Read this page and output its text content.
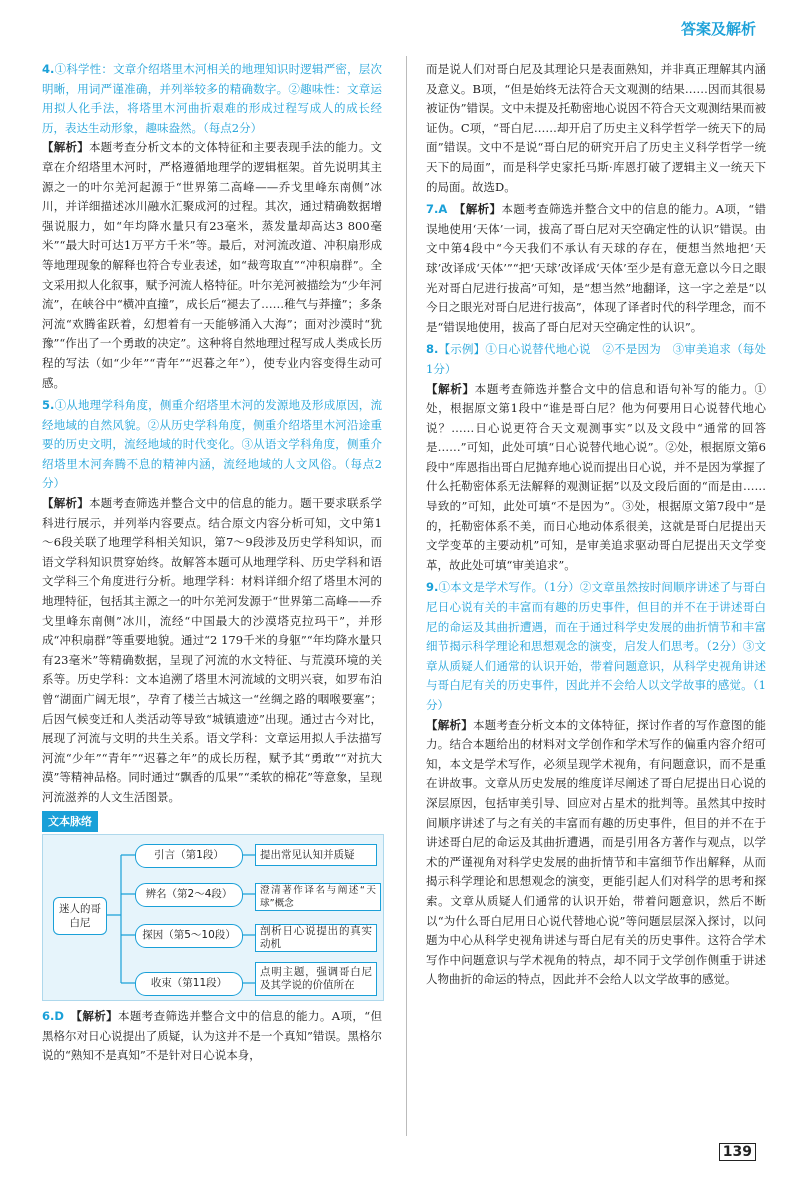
答案及解析
4.①科学性：文章介绍塔里木河相关的地理知识时逻辑严密，层次明晰，用词严谨准确，并列举较多的精确数字。②趣味性：文章运用拟人化手法，将塔里木河曲折艰难的形成过程写成人的成长经历，表达生动形象，趣味盎然。（每点2分）
【解析】本题考查分析文本的文体特征和主要表现手法的能力。文章在介绍塔里木河时，严格遵循地理学的逻辑框架。首先说明其主源之一的叶尔羌河起源于“世界第二高峰——乔戈里峰东南侧”冰川，并详细描述冰川融水汇聚成河的过程。其次，通过精确数据增强说服力，如“年均降水量只有23毫米，蒸发量却高达3 800毫米”“最大时可达1万平方千米”等。最后，对河流改道、冲积扇形成等地理现象的解释也符合专业表述，如“裁弯取直”“冲积扇群”。全文采用拟人化叙事，赋予河流人格特征。叶尔羌河被描绘为“少年河流”，在峡谷中“横冲直撞”，成长后“褪去了……稚气与莽撞”；多条河流“欢腾雀跃着，幻想着有一天能够涌入大海”；面对沙漠时“犹豫”“作出了一个勇敢的决定”。这种将自然地理过程写成人类成长历程的写法（如“少年”“青年”“迟暮之年”），使专业内容变得生动可感。
5.①从地理学科角度，侧重介绍塔里木河的发源地及形成原因，流经地域的自然风貌。②从历史学科角度，侧重介绍塔里木河沿途重要的历史文明，流经地域的时代变化。③从语文学科角度，侧重介绍塔里木河奔腾不息的精神内涵，流经地域的人文风俗。（每点2分）
【解析】本题考查筛选并整合文中的信息的能力。题干要求联系学科进行展示，并列举内容要点。结合原文内容分析可知，文中第1～6段关联了地理学科相关知识，第7～9段涉及历史学科知识，而语文学科知识贯穿始终。故解答本题可从地理学科、历史学科和语文学科三个角度进行分析。地理学科：材料详细介绍了塔里木河的地理特征，包括其主源之一的叶尔羌河发源于“世界第二高峰——乔戈里峰东南侧”冰川，流经“中国最大的沙漠塔克拉玛干”，并形成“冲积扇群”等重要地貌。通过“2 179千米的身躯”“年均降水量只有23毫米”等精确数据，呈现了河流的水文特征、与荒漠环境的关系等。历史学科：文本追溯了塔里木河流域的文明兴衰，如罗布泊曾“湖面广阔无垠”，孕育了楼兰古城这一“丝绸之路的咽喉要塞”；后因气候变迁和人类活动等导致“城镇遗迹”出现。通过古今对比，展现了河流与文明的共生关系。语文学科：文章运用拟人手法描写河流“少年”“青年”“迟暮之年”的成长历程，赋予其“勇敢”“对抗大漠”等精神品格。同时通过“飘香的瓜果”“柔软的棉花”等意象，呈现河流滋养的人文生活图景。
文本脉络
迷人的哥白尼
引言（第1段）	提出常见认知并质疑
辨名（第2～4段）	澄清著作译名与阐述“天球”概念
探因（第5～10段）	剖析日心说提出的真实动机
收束（第11段）
点明主题，强调哥白尼及其学说的价值所在
6.D　 【解析】本题考查筛选并整合文中的信息的能力。A项，“但黑格尔对日心说提出了质疑，认为这并不是一个真知”错误。黑格尔说的“熟知不是真知”不是针对日心说本身，
而是说人们对哥白尼及其理论只是表面熟知，并非真正理解其内涵及意义。B项，“但是始终无法符合天文观测的结果……因而其很易被证伪”错误。文中未提及托勒密地心说因不符合天文观测结果而被证伪。C项，“哥白尼……却开启了历史主义科学哲学一统天下的局面”错误。文中不是说“哥白尼的研究开启了历史主义科学哲学一统天下的局面”，而是科学史家托马斯·库恩打破了逻辑主义一统天下的局面。故选D。
7.A　 【解析】本题考查筛选并整合文中的信息的能力。A项，“错误地使用‘天体’一词，拔高了哥白尼对天空确定性的认识”错误。由文中第4段中“今天我们不承认有天球的存在，便想当然地把‘天球’改译成‘天体’”“把‘天球’改译成‘天体’至少是有意无意以今日之眼光对哥白尼进行拔高”可知，是“想当然”地翻译，这一字之差是“以今日之眼光对哥白尼进行拔高”，体现了译者时代的科学理念，而不是“错误地使用，拔高了哥白尼对天空确定性的认识”。
8.【示例】①日心说替代地心说　②不是因为　③审美追求（每处1分）
【解析】本题考查筛选并整合文中的信息和语句补写的能力。①处，根据原文第1段中“谁是哥白尼？他为何要用日心说替代地心说？……日心说更符合天文观测事实”以及文段中“通常的回答是……”可知，此处可填“日心说替代地心说”。②处，根据原文第6段中“库恩指出哥白尼抛弃地心说而提出日心说，并不是因为掌握了什么托勒密体系无法解释的观测证据”以及文段后面的“而是由……导致的”可知，此处可填“不是因为”。③处，根据原文第7段中“是的，托勒密体系不美，而日心地动体系很美，这就是哥白尼提出天文学变革的主要动机”可知，是审美追求驱动哥白尼提出天文学变革，故此处可填“审美追求”。
9.①本文是学术写作。（1分）②文章虽然按时间顺序讲述了与哥白尼日心说有关的丰富而有趣的历史事件，但目的并不在于讲述哥白尼的命运及其曲折遭遇，而在于通过科学史发展的曲折情节和丰富细节揭示科学理论和思想观念的演变，启发人们思考。（2分）③文章从质疑人们通常的认识开始，带着问题意识，从科学史视角讲述与哥白尼有关的历史事件，因此并不会给人以文学故事的感觉。（1分）
【解析】本题考查分析文本的文体特征，探讨作者的写作意图的能力。结合本题给出的材料对文学创作和学术写作的偏重内容介绍可知，本文是学术写作，必须呈现学术视角，有问题意识，而不是重在讲故事。文章从历史发展的维度详尽阐述了哥白尼提出日心说的深层原因，包括审美引导、回应对占星术的批判等。虽然其中按时间顺序讲述了与之有关的丰富而有趣的历史事件，但目的并不在于讲述哥白尼的命运及其曲折遭遇，而是引用各方著作与观点，以学术的严谨视角对科学史发展的曲折情节和丰富细节作出解释，从而揭示科学理论和思想观念的演变，更能引起人们对科学的思考和探索。文章从质疑人们通常的认识开始，带着问题意识，然后不断以“为什么哥白尼用日心说代替地心说”等问题层层深入探讨，以问题为中心从科学史视角讲述与哥白尼有关的历史事件。这符合学术写作中问题意识与学术视角的特点，却不同于文学创作侧重于讲述人物曲折的命运的特点，因此并不会给人以文学故事的感觉。
139
